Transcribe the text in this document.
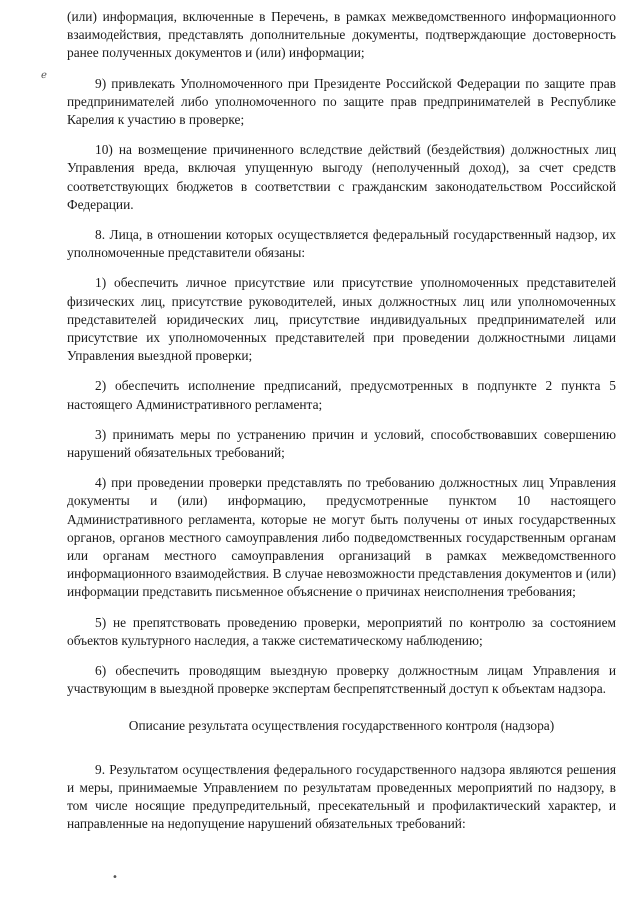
ℯ
•

(или) информация, включенные в Перечень, в рамках межведомственного информационного взаимодействия, представлять дополнительные документы, подтверждающие достоверность ранее полученных документов и (или) информации;

9) привлекать Уполномоченного при Президенте Российской Федерации по защите прав предпринимателей либо уполномоченного по защите прав предпринимателей в Республике Карелия к участию в проверке;

10) на возмещение причиненного вследствие действий (бездействия) должностных лиц Управления вреда, включая упущенную выгоду (неполученный доход), за счет средств соответствующих бюджетов в соответствии с гражданским законодательством Российской Федерации.

8. Лица, в отношении которых осуществляется федеральный государственный надзор, их уполномоченные представители обязаны:

1) обеспечить личное присутствие или присутствие уполномоченных представителей физических лиц, присутствие руководителей, иных должностных лиц или уполномоченных представителей юридических лиц, присутствие индивидуальных предпринимателей или присутствие их уполномоченных представителей при проведении должностными лицами Управления выездной проверки;

2) обеспечить исполнение предписаний, предусмотренных в подпункте 2 пункта 5 настоящего Административного регламента;

3) принимать меры по устранению причин и условий, способствовавших совершению нарушений обязательных требований;

4) при проведении проверки представлять по требованию должностных лиц Управления документы и (или) информацию, предусмотренные пунктом 10 настоящего Административного регламента, которые не могут быть получены от иных государственных органов, органов местного самоуправления либо подведомственных государственным органам или органам местного самоуправления организаций в рамках межведомственного информационного взаимодействия. В случае невозможности представления документов и (или) информации представить письменное объяснение о причинах неисполнения требования;

5) не препятствовать проведению проверки, мероприятий по контролю за состоянием объектов культурного наследия, а также систематическому наблюдению;

6) обеспечить проводящим выездную проверку должностным лицам Управления и участвующим в выездной проверке экспертам беспрепятственный доступ к объектам надзора.

Описание результата осуществления государственного контроля (надзора)

9. Результатом осуществления федерального государственного надзора являются решения и меры, принимаемые Управлением по результатам проведенных мероприятий по надзору, в том числе носящие предупредительный, пресекательный и профилактический характер, и направленные на недопущение нарушений обязательных требований:
